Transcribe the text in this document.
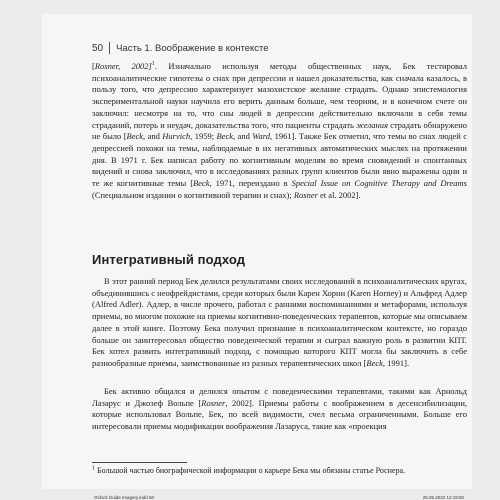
50 Часть 1. Воображение в контексте

[Rosner, 2002]$^1$. Изначально используя методы общественных наук, Бек тестировал психоаналитические гипотезы о снах при депрессии и нашел доказательства, как сначала казалось, в пользу того, что депрессию характеризует мазохистское желание страдать. Однако эпистемология экспериментальной науки научила его верить данным больше, чем теориям, и в конечном счете он заключил: несмотря на то, что сны людей в депрессии действительно включали в себя темы страданий, потерь и неудач, доказательства того, что пациенты страдать желания страдать обнаружено не было [Beck, and Hurvich, 1959; Beck, and Ward, 1961]. Также Бек отметил, что темы во снах людей с депрессией похожи на темы, наблюдаемые в их негативных автоматических мыслях на протяжении дня. В 1971 г. Бек написал работу по когнитивным моделям во время сновидений и спонтанных видений и снова заключил, что в исследованиях разных групп клиентов были явно выражены одни и те же когнитивные темы [Beck, 1971, переиздано в Special Issue on Cognitive Therapy and Dreams (Специальном издании о когнитивной терапии и снах); Rosner et al. 2002].

Интегративный подход

В этот ранний период Бек делился результатами своих исследований в психоаналитических кругах, объединившись с неофрейдистами, среди которых были Карен Хорни (Karen Horney) и Альфред Адлер (Alfred Adler). Адлер, в числе прочего, работал с ранними воспоминаниями и метафорами, используя приемы, во многом похожие на приемы когнитивно-поведенческих терапевтов, которые мы описываем далее в этой книге. Поэтому Бека получил признание в психоаналитическом контексте, но гораздо больше он заинтересовал общество поведенческой терапии и сыграл важную роль в развитии КПТ. Бек хотел развить интегративный подход, с помощью которого КПТ могла бы заключить в себе разнообразные приемы, заимствованные из разных терапевтических школ [Beck, 1991].

Бек активно общался и делился опытом с поведенческими терапевтами, такими как Арнольд Лазарус и Джозеф Вольпе [Rosner, 2002]. Приемы работы с воображением в десенсибилизации, которые использовал Вольпе, Бек, по всей видимости, счел весьма ограниченными. Больше его интересовали приемы модификации воображения Лазаруса, такие как «проекция

$^1$ Большой частью биографической информации о карьере Бека мы обязаны статье Роснера.
Oxford Guide Imagery.indd 50	25.05.2022 12:19:50
